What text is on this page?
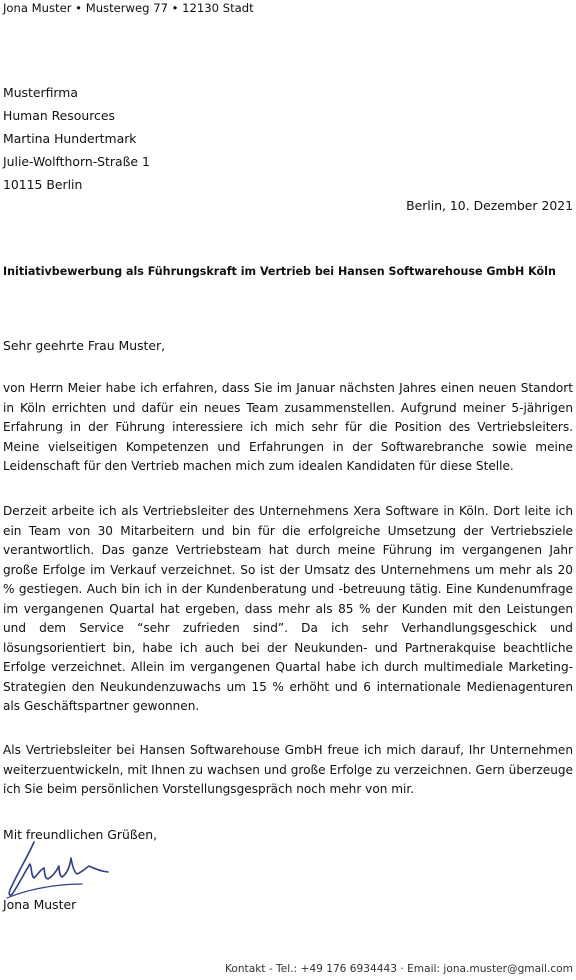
Jona Muster • Musterweg 77 • 12130 Stadt
Musterfirma
Human Resources
Martina Hundertmark
Julie-Wolfthorn-Straße 1
10115 Berlin
Berlin, 10. Dezember 2021
Initiativbewerbung als Führungskraft im Vertrieb bei Hansen Softwarehouse GmbH Köln
Sehr geehrte Frau Muster,

von Herrn Meier habe ich erfahren, dass Sie im Januar nächsten Jahres einen neuen Standort in Köln errichten und dafür ein neues Team zusammenstellen. Aufgrund meiner 5-jährigen Erfahrung in der Führung interessiere ich mich sehr für die Position des Vertriebsleiters. Meine vielseitigen Kompetenzen und Erfahrungen in der Softwarebranche sowie meine Leidenschaft für den Vertrieb machen mich zum idealen Kandidaten für diese Stelle.

Derzeit arbeite ich als Vertriebsleiter des Unternehmens Xera Software in Köln. Dort leite ich ein Team von 30 Mitarbeitern und bin für die erfolgreiche Umsetzung der Vertriebsziele verantwortlich. Das ganze Vertriebsteam hat durch meine Führung im vergangenen Jahr große Erfolge im Verkauf verzeichnet. So ist der Umsatz des Unternehmens um mehr als 20 % gestiegen. Auch bin ich in der Kundenberatung und -betreuung tätig. Eine Kundenumfrage im vergangenen Quartal hat ergeben, dass mehr als 85 % der Kunden mit den Leistungen und dem Service “sehr zufrieden sind”. Da ich sehr Verhandlungsgeschick und lösungsorientiert bin, habe ich auch bei der Neukunden- und Partnerakquise beachtliche Erfolge verzeichnet. Allein im vergangenen Quartal habe ich durch multimediale Marketing-Strategien den Neukundenzuwachs um 15 % erhöht und 6 internationale Medienagenturen als Geschäftspartner gewonnen.

Als Vertriebsleiter bei Hansen Softwarehouse GmbH freue ich mich darauf, Ihr Unternehmen weiterzuentwickeln, mit Ihnen zu wachsen und große Erfolge zu verzeichnen. Gern überzeuge ich Sie beim persönlichen Vorstellungsgespräch noch mehr von mir.

Mit freundlichen Grüßen,
Jona Muster
Kontakt - Tel.: +49 176 6934443 · Email: jona.muster@gmail.com
